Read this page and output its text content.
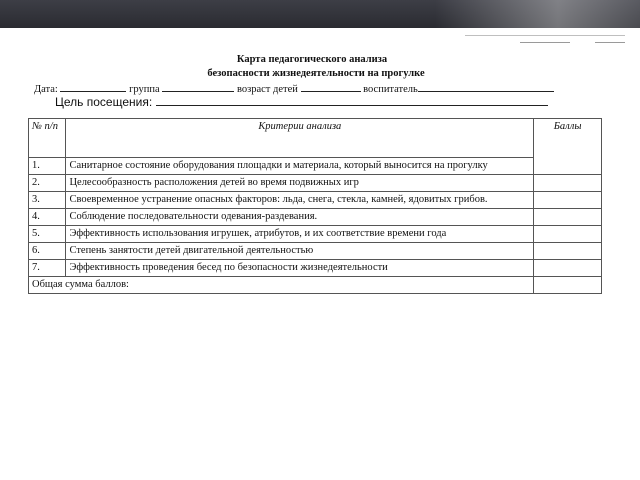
Карта педагогического анализа
безопасности жизнедеятельности на прогулке
Дата:	группа	возраст детей	воспитатель
Цель посещения:
№ п/п	Критерии анализа	Баллы
1.	Санитарное состояние оборудования площадки и материала, который выносится на прогулку	
2.	Целесообразность расположения детей во время подвижных игр	
3.	Своевременное устранение опасных факторов: льда, снега, стекла, камней, ядовитых грибов.	
4.	Соблюдение последовательности одевания-раздевания.	
5.	Эффективность использования игрушек, атрибутов, и их соответствие времени года	
6.	Степень занятости детей двигательной деятельностью	
7.	Эффективность проведения бесед по безопасности жизнедеятельности	
Общая сумма баллов:		
